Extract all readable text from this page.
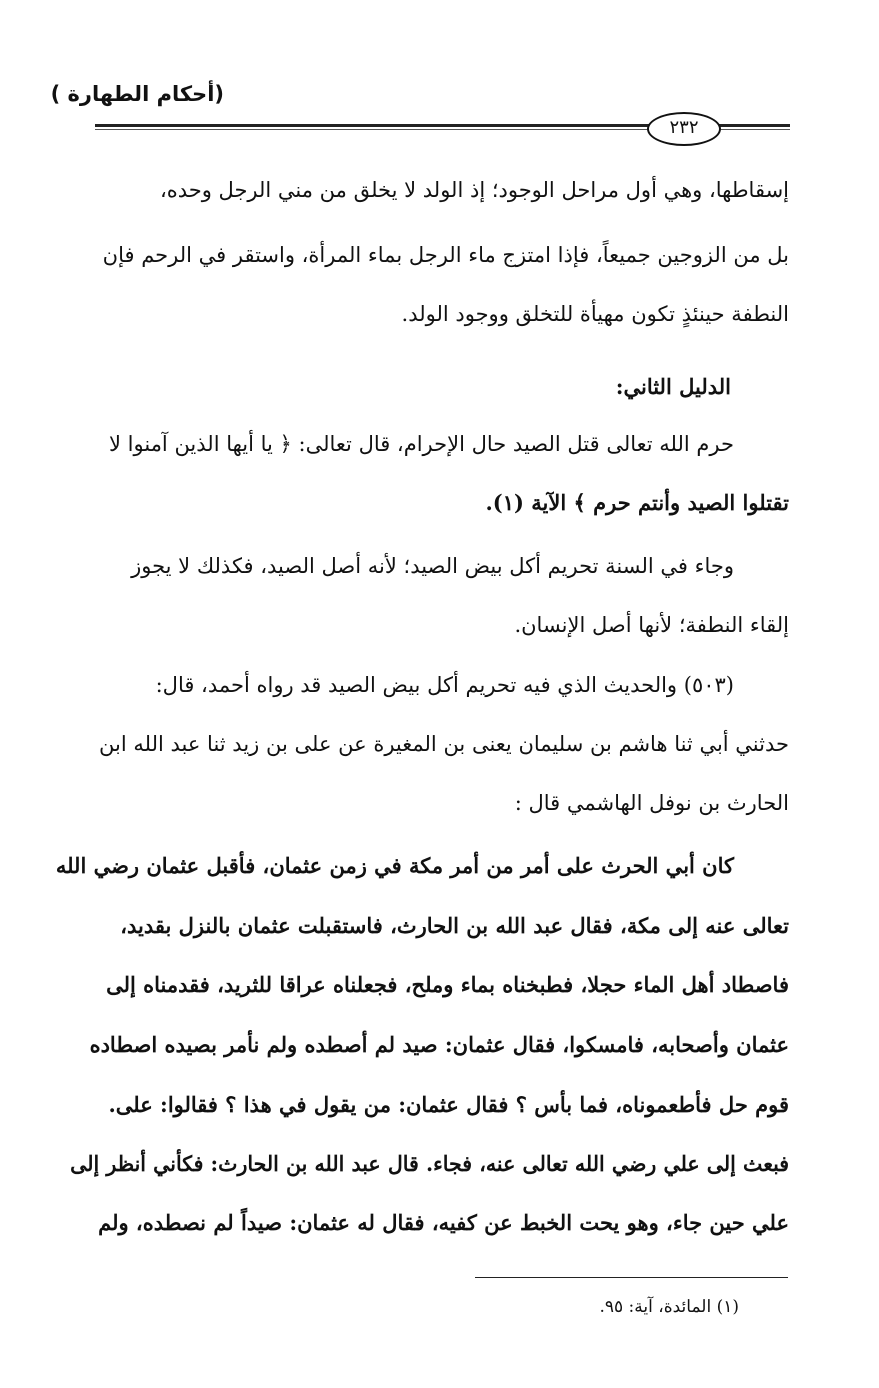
(أحكام الطهارة )
٢٣٢
إسقاطها، وهي أول مراحل الوجود؛ إذ الولد لا يخلق من مني الرجل وحده،
بل من الزوجين جميعاً، فإذا امتزج ماء الرجل بماء المرأة، واستقر في الرحم فإن
النطفة حينئذٍ تكون مهيأة للتخلق ووجود الولد.
الدليل الثاني:
حرم الله تعالى قتل الصيد حال الإحرام، قال تعالى: ﴿ يا أيها الذين آمنوا لا
تقتلوا الصيد وأنتم حرم ﴾ الآية (١).
وجاء في السنة تحريم أكل بيض الصيد؛ لأنه أصل الصيد، فكذلك لا يجوز
إلقاء النطفة؛ لأنها أصل الإنسان.
(٥٠٣) والحديث الذي فيه تحريم أكل بيض الصيد قد رواه أحمد، قال:
حدثني أبي ثنا هاشم بن سليمان يعنى بن المغيرة عن على بن زيد ثنا عبد الله ابن
الحارث بن نوفل الهاشمي قال :
كان أبي الحرث على أمر من أمر مكة في زمن عثمان، فأقبل عثمان رضي الله
تعالى عنه إلى مكة، فقال عبد الله بن الحارث، فاستقبلت عثمان بالنزل بقديد،
فاصطاد أهل الماء حجلا، فطبخناه بماء وملح، فجعلناه عراقا للثريد، فقدمناه إلى
عثمان وأصحابه، فامسكوا، فقال عثمان: صيد لم أصطده ولم نأمر بصيده اصطاده
قوم حل فأطعموناه، فما بأس ؟ فقال عثمان: من يقول في هذا ؟ فقالوا: على.
فبعث إلى علي رضي الله تعالى عنه، فجاء. قال عبد الله بن الحارث: فكأني أنظر إلى
علي حين جاء، وهو يحت الخبط عن كفيه، فقال له عثمان: صيداً لم نصطده، ولم
(١) المائدة، آية: ٩٥.
